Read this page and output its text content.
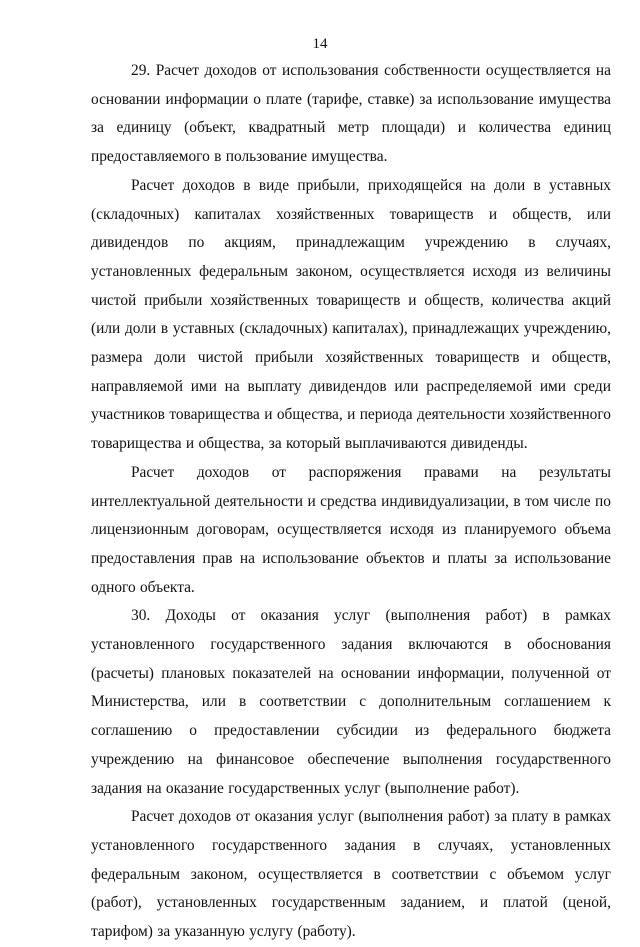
14

29. Расчет доходов от использования собственности осуществляется на основании информации о плате (тарифе, ставке) за использование имущества за единицу (объект, квадратный метр площади) и количества единиц предоставляемого в пользование имущества.

Расчет доходов в виде прибыли, приходящейся на доли в уставных (складочных) капиталах хозяйственных товариществ и обществ, или дивидендов по акциям, принадлежащим учреждению в случаях, установленных федеральным законом, осуществляется исходя из величины чистой прибыли хозяйственных товариществ и обществ, количества акций (или доли в уставных (складочных) капиталах), принадлежащих учреждению, размера доли чистой прибыли хозяйственных товариществ и обществ, направляемой ими на выплату дивидендов или распределяемой ими среди участников товарищества и общества, и периода деятельности хозяйственного товарищества и общества, за который выплачиваются дивиденды.

Расчет доходов от распоряжения правами на результаты интеллектуальной деятельности и средства индивидуализации, в том числе по лицензионным договорам, осуществляется исходя из планируемого объема предоставления прав на использование объектов и платы за использование одного объекта.

30. Доходы от оказания услуг (выполнения работ) в рамках установленного государственного задания включаются в обоснования (расчеты) плановых показателей на основании информации, полученной от Министерства, или в соответствии с дополнительным соглашением к соглашению о предоставлении субсидии из федерального бюджета учреждению на финансовое обеспечение выполнения государственного задания на оказание государственных услуг (выполнение работ).

Расчет доходов от оказания услуг (выполнения работ) за плату в рамках установленного государственного задания в случаях, установленных федеральным законом, осуществляется в соответствии с объемом услуг (работ), установленных государственным заданием, и платой (ценой, тарифом) за указанную услугу (работу).
